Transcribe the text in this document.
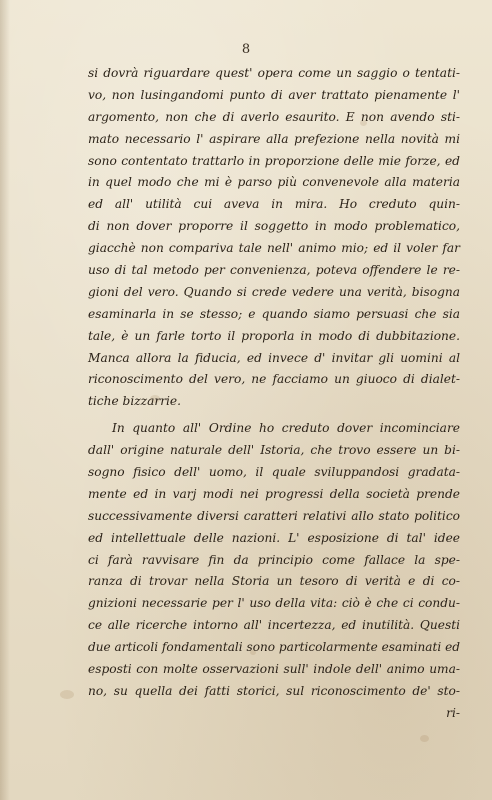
8
si dovrà riguardare quest' opera come un saggio o tentati-
vo, non lusingandomi punto di aver trattato pienamente l'
argomento, non che di averlo esaurito. E non avendo sti-
mato necessario l' aspirare alla prefezione nella novità mi
sono contentato trattarlo in proporzione delle mie forze, ed
in quel modo che mi è parso più convenevole alla materia
ed all' utilità cui aveva in mira. Ho creduto quin-
di non dover proporre il soggetto in modo problematico,
giacchè non compariva tale nell' animo mio; ed il voler far
uso di tal metodo per convenienza, poteva offendere le re-
gioni del vero. Quando si crede vedere una verità, bisogna
esaminarla in se stesso; e quando siamo persuasi che sia
tale, è un farle torto il proporla in modo di dubbitazione.
Manca allora la fiducia, ed invece d' invitar gli uomini al
riconoscimento del vero, ne facciamo un giuoco di dialet-
tiche bizzarrie.
In quanto all' Ordine ho creduto dover incominciare
dall' origine naturale dell' Istoria, che trovo essere un bi-
sogno fisico dell' uomo, il quale sviluppandosi gradata-
mente ed in varj modi nei progressi della società prende
successivamente diversi caratteri relativi allo stato politico
ed intellettuale delle nazioni. L' esposizione di tal' idee
ci farà ravvisare fin da principio come fallace la spe-
ranza di trovar nella Storia un tesoro di verità e di co-
gnizioni necessarie per l' uso della vita: ciò è che ci condu-
ce alle ricerche intorno all' incertezza, ed inutilità. Questi
due articoli fondamentali sono particolarmente esaminati ed
esposti con molte osservazioni sull' indole dell' animo uma-
no, su quella dei fatti storici, sul riconoscimento de' sto-
ri-
